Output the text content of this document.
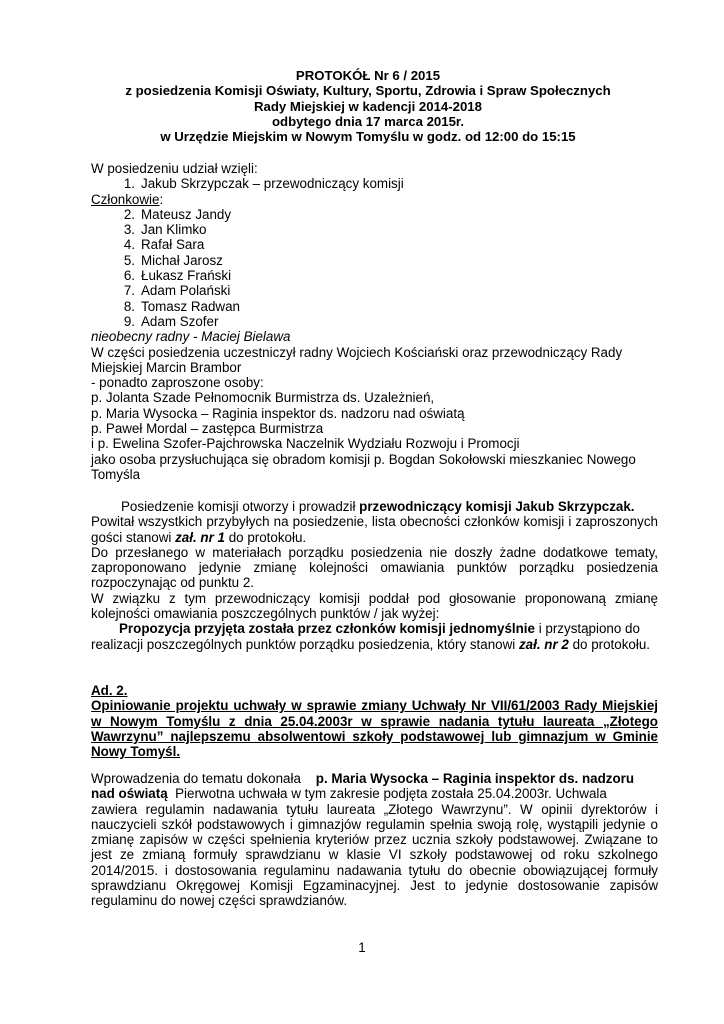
PROTOKÓŁ Nr 6 / 2015
z posiedzenia Komisji Oświaty, Kultury, Sportu, Zdrowia i Spraw Społecznych
Rady Miejskiej w kadencji 2014-2018
odbytego dnia 17 marca 2015r.
w Urzędzie Miejskim w Nowym Tomyślu w godz. od 12:00 do 15:15
W posiedzeniu udział wzięli:
1. Jakub Skrzypczak – przewodniczący komisji
Członkowie:
2. Mateusz Jandy
3. Jan Klimko
4. Rafał Sara
5. Michał Jarosz
6. Łukasz Frański
7. Adam Polański
8. Tomasz Radwan
9. Adam Szofer
nieobecny radny - Maciej Bielawa
W części posiedzenia uczestniczył radny Wojciech Kościański oraz przewodniczący Rady
Miejskiej Marcin Brambor
- ponadto zaproszone osoby:
p. Jolanta Szade Pełnomocnik Burmistrza ds. Uzależnień,
p. Maria Wysocka – Raginia inspektor ds. nadzoru nad oświatą
p. Paweł Mordal – zastępca Burmistrza
i p. Ewelina Szofer-Pajchrowska Naczelnik Wydziału Rozwoju i Promocji
jako osoba przysłuchująca się obradom komisji p. Bogdan Sokołowski mieszkaniec Nowego
Tomyśla
Posiedzenie komisji otworzy i prowadził przewodniczący komisji Jakub Skrzypczak.
Powitał wszystkich przybyłych na posiedzenie, lista obecności członków komisji i zaproszonych
gości stanowi zał. nr 1 do protokołu.
Do przesłanego w materiałach porządku posiedzenia nie doszły żadne dodatkowe tematy,
zaproponowano jedynie zmianę kolejności omawiania punktów porządku posiedzenia
rozpoczynając od punktu 2.
W związku z tym przewodniczący komisji poddał pod głosowanie proponowaną zmianę
kolejności omawiania poszczególnych punktów / jak wyżej:
Propozycja przyjęta została przez członków komisji jednomyślnie i przystąpiono do
realizacji poszczególnych punktów porządku posiedzenia, który stanowi zał. nr 2 do protokołu.
Ad. 2.
Opiniowanie projektu uchwały w sprawie zmiany Uchwały Nr VII/61/2003 Rady Miejskiej
w Nowym Tomyślu z dnia 25.04.2003r w sprawie nadania tytułu laureata „Złotego
Wawrzynu” najlepszemu absolwentowi szkoły podstawowej lub gimnazjum w Gminie
Nowy Tomyśl.
Wprowadzenia do tematu dokonała    p. Maria Wysocka – Raginia inspektor ds. nadzoru
nad oświatą  Pierwotna uchwała w tym zakresie podjęta została 25.04.2003r. Uchwala
zawiera regulamin nadawania tytułu laureata „Złotego Wawrzynu”. W opinii dyrektorów i
nauczycieli szkół podstawowych i gimnazjów regulamin spełnia swoją rolę, wystąpili jedynie o
zmianę zapisów w części spełnienia kryteriów przez ucznia szkoły podstawowej. Związane to
jest ze zmianą formuły sprawdzianu w klasie VI szkoły podstawowej od roku szkolnego
2014/2015. i dostosowania regulaminu nadawania tytułu do obecnie obowiązującej formuły
sprawdzianu Okręgowej Komisji Egzaminacyjnej. Jest to jedynie dostosowanie zapisów
regulaminu do nowej części sprawdzianów.
1
